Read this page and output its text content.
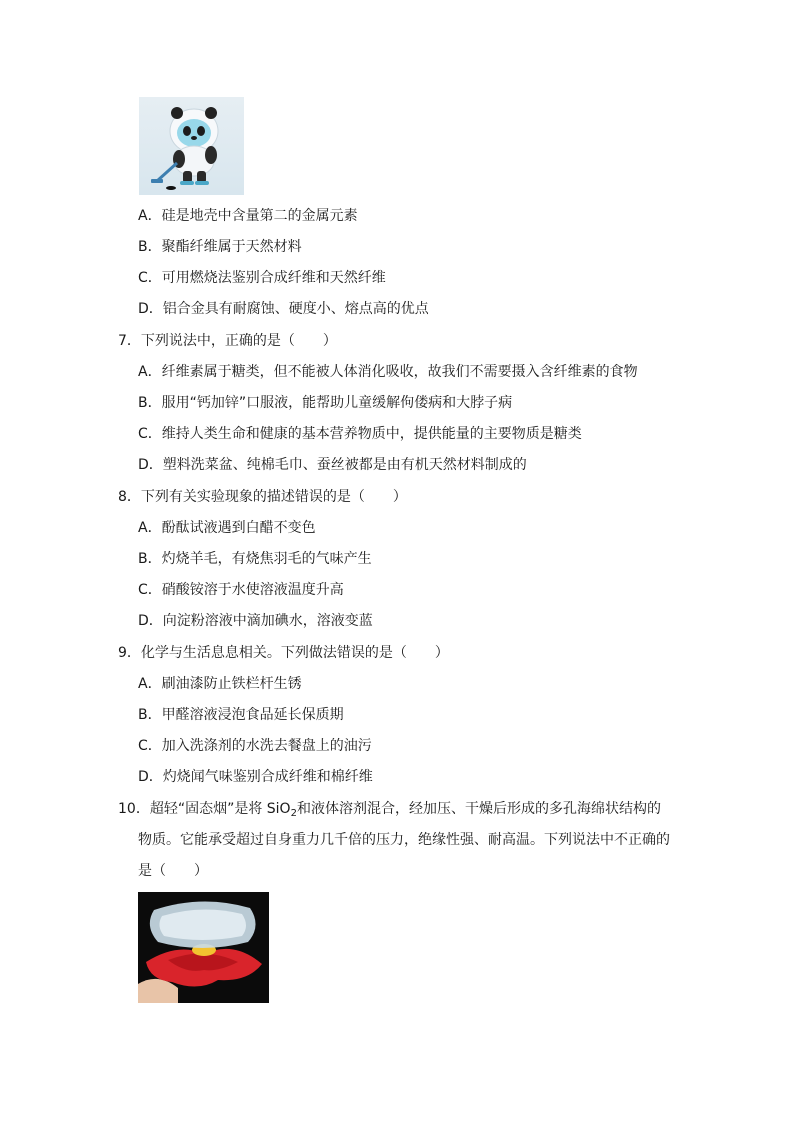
A．硅是地壳中含量第二的金属元素
B．聚酯纤维属于天然材料
C．可用燃烧法鉴别合成纤维和天然纤维
D．铝合金具有耐腐蚀、硬度小、熔点高的优点
7．下列说法中，正确的是（　　）
A．纤维素属于糖类，但不能被人体消化吸收，故我们不需要摄入含纤维素的食物
B．服用“钙加锌”口服液，能帮助儿童缓解佝偻病和大脖子病
C．维持人类生命和健康的基本营养物质中，提供能量的主要物质是糖类
D．塑料洗菜盆、纯棉毛巾、蚕丝被都是由有机天然材料制成的
8．下列有关实验现象的描述错误的是（　　）
A．酚酞试液遇到白醋不变色
B．灼烧羊毛，有烧焦羽毛的气味产生
C．硝酸铵溶于水使溶液温度升高
D．向淀粉溶液中滴加碘水，溶液变蓝
9．化学与生活息息相关。下列做法错误的是（　　）
A．刷油漆防止铁栏杆生锈
B．甲醛溶液浸泡食品延长保质期
C．加入洗涤剂的水洗去餐盘上的油污
D．灼烧闻气味鉴别合成纤维和棉纤维
10．超轻“固态烟”是将 SiO$_2$和液体溶剂混合，经加压、干燥后形成的多孔海绵状结构的
物质。它能承受超过自身重力几千倍的压力，绝缘性强、耐高温。下列说法中不正确的
是（　　）
